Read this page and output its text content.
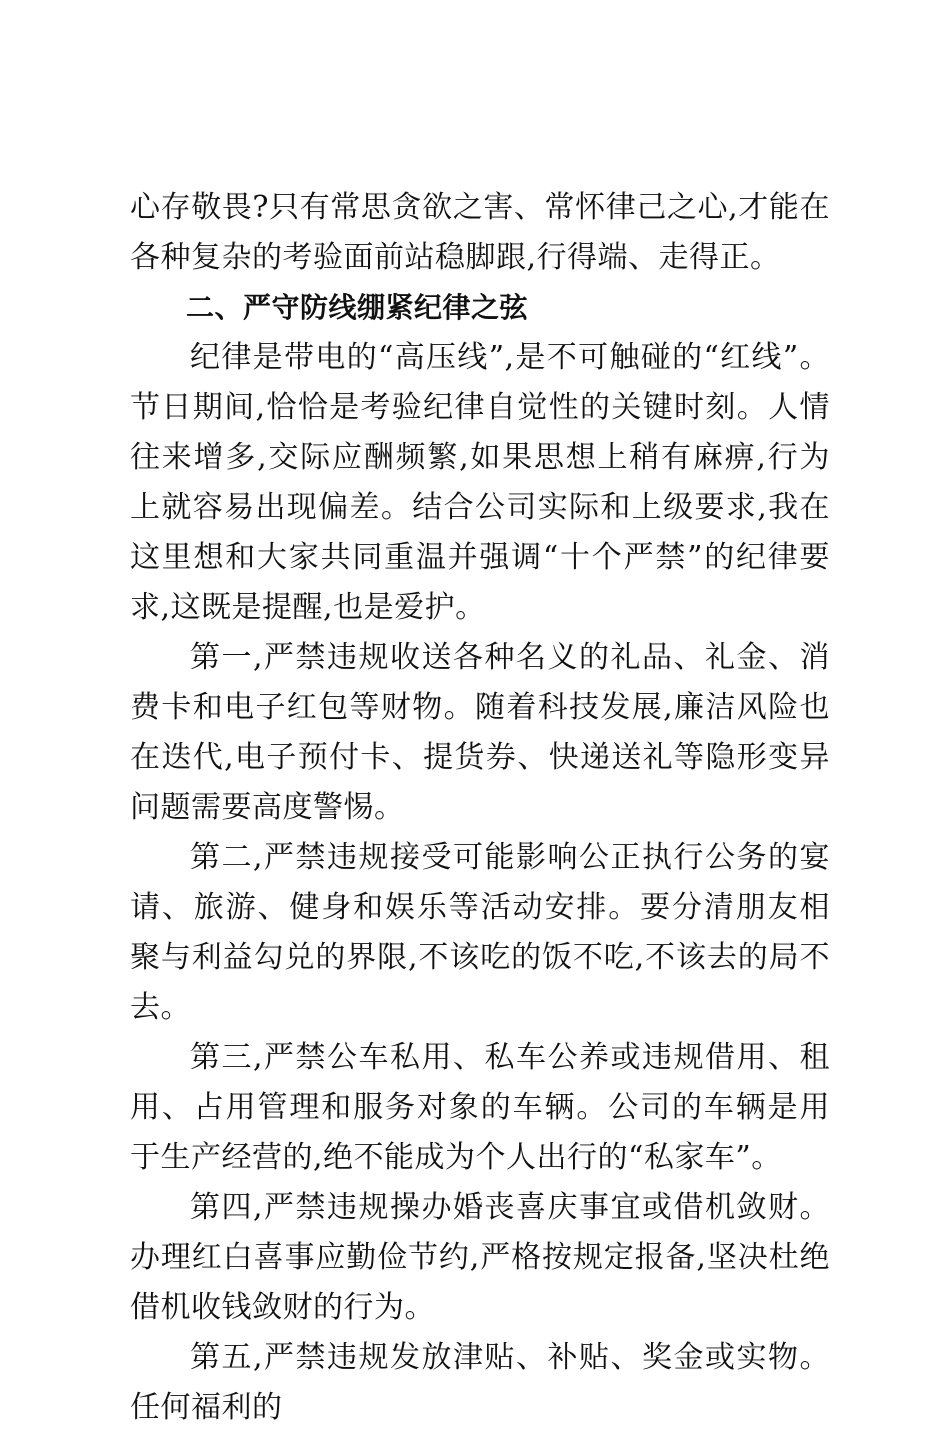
心存敬畏?只有常思贪欲之害、常怀律己之心,才能在各种复杂的考验面前站稳脚跟,行得端、走得正。

二、严守防线绷紧纪律之弦

纪律是带电的“高压线”,是不可触碰的“红线”。节日期间,恰恰是考验纪律自觉性的关键时刻。人情往来增多,交际应酬频繁,如果思想上稍有麻痹,行为上就容易出现偏差。结合公司实际和上级要求,我在这里想和大家共同重温并强调“十个严禁”的纪律要求,这既是提醒,也是爱护。

第一,严禁违规收送各种名义的礼品、礼金、消费卡和电子红包等财物。随着科技发展,廉洁风险也在迭代,电子预付卡、提货券、快递送礼等隐形变异问题需要高度警惕。

第二,严禁违规接受可能影响公正执行公务的宴请、旅游、健身和娱乐等活动安排。要分清朋友相聚与利益勾兑的界限,不该吃的饭不吃,不该去的局不去。

第三,严禁公车私用、私车公养或违规借用、租用、占用管理和服务对象的车辆。公司的车辆是用于生产经营的,绝不能成为个人出行的“私家车”。

第四,严禁违规操办婚丧喜庆事宜或借机敛财。办理红白喜事应勤俭节约,严格按规定报备,坚决杜绝借机收钱敛财的行为。

第五,严禁违规发放津贴、补贴、奖金或实物。任何福利的
